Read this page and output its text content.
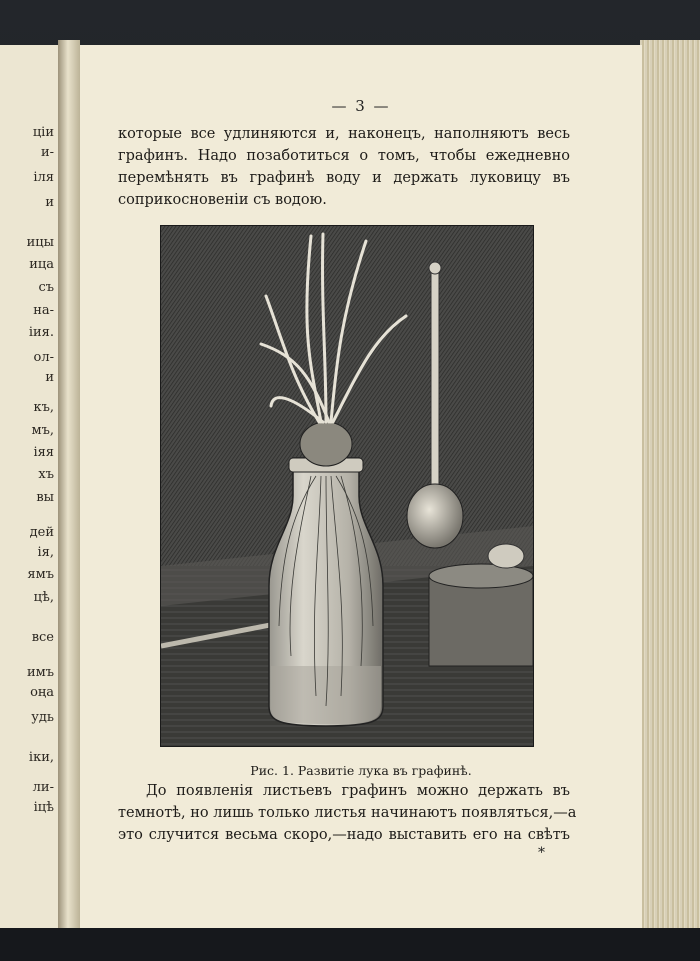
ціи
и-
іля
и
ицы
ица
съ
на-
іия.
ол-
и
къ,
мъ,
іяя
хъ
вы
дей
ія,
ямъ
цѣ,
все
имъ
оңа
удь
іки,
ли-
іцѣ
— 3 —
которые все удлиняются и, наконецъ, наполняютъ весь
графинъ. Надо позаботиться о томъ, чтобы ежедневно
перемѣнять въ графинѣ воду и держать луковицу въ
соприкосновеніи съ водою.
Рис. 1. Развитіе лука въ графинѣ.
До появленія листьевъ графинъ можно держать въ
темнотѣ, но лишь только листья начинаютъ появляться,—а
это случится весьма скоро,—надо выставить его на свѣтъ
*
